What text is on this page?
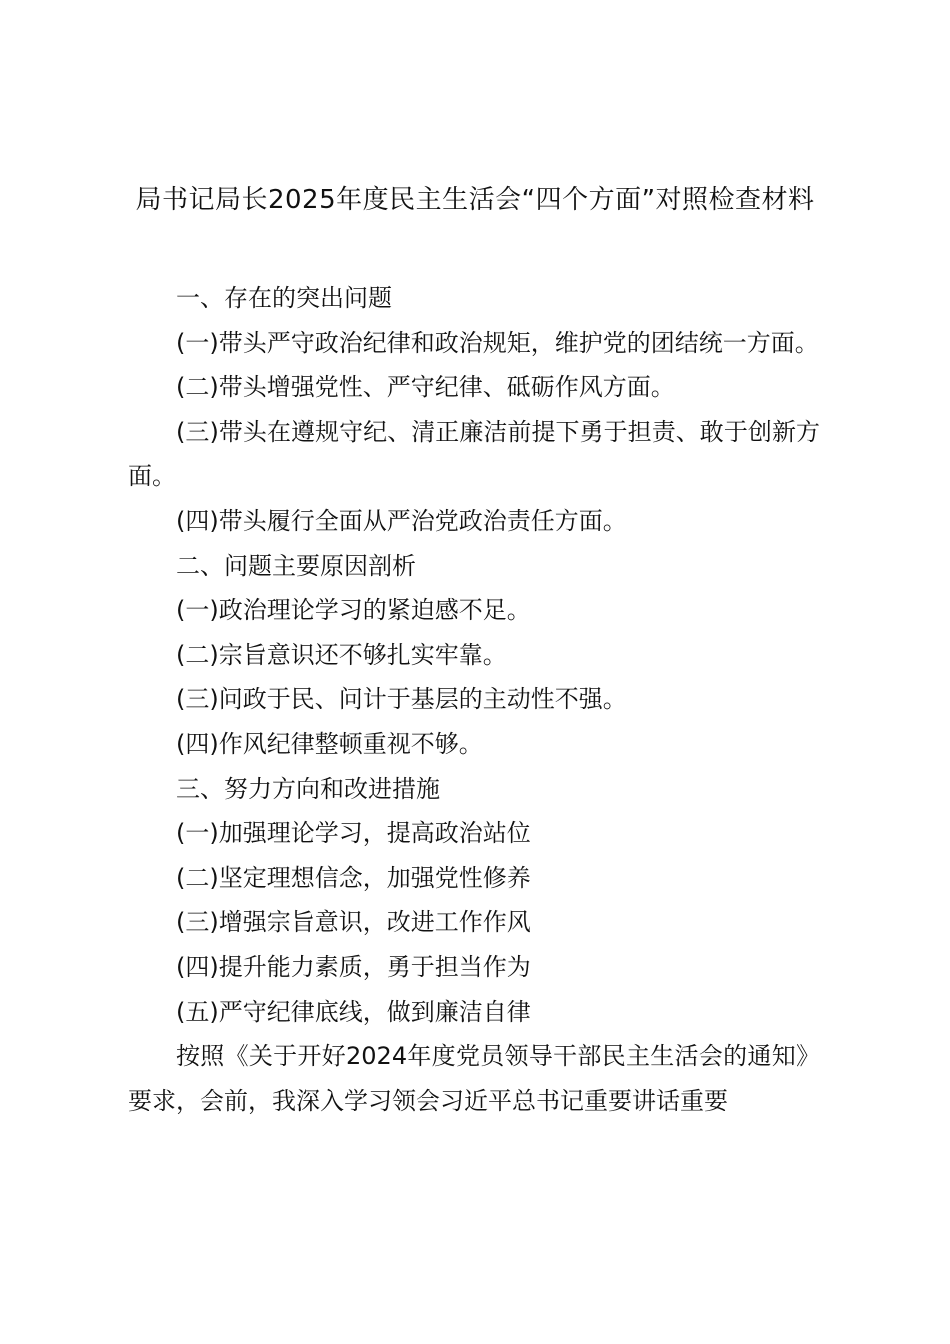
局书记局长2025年度民主生活会“四个方面”对照检查材料

一、存在的突出问题

(一)带头严守政治纪律和政治规矩，维护党的团结统一方面。

(二)带头增强党性、严守纪律、砥砺作风方面。

(三)带头在遵规守纪、清正廉洁前提下勇于担责、敢于创新方面。

(四)带头履行全面从严治党政治责任方面。

二、问题主要原因剖析

(一)政治理论学习的紧迫感不足。

(二)宗旨意识还不够扎实牢靠。

(三)问政于民、问计于基层的主动性不强。

(四)作风纪律整顿重视不够。

三、努力方向和改进措施

(一)加强理论学习，提高政治站位

(二)坚定理想信念，加强党性修养

(三)增强宗旨意识，改进工作作风

(四)提升能力素质，勇于担当作为

(五)严守纪律底线，做到廉洁自律

按照《关于开好2024年度党员领导干部民主生活会的通知》要求，会前，我深入学习领会习近平总书记重要讲话重要
